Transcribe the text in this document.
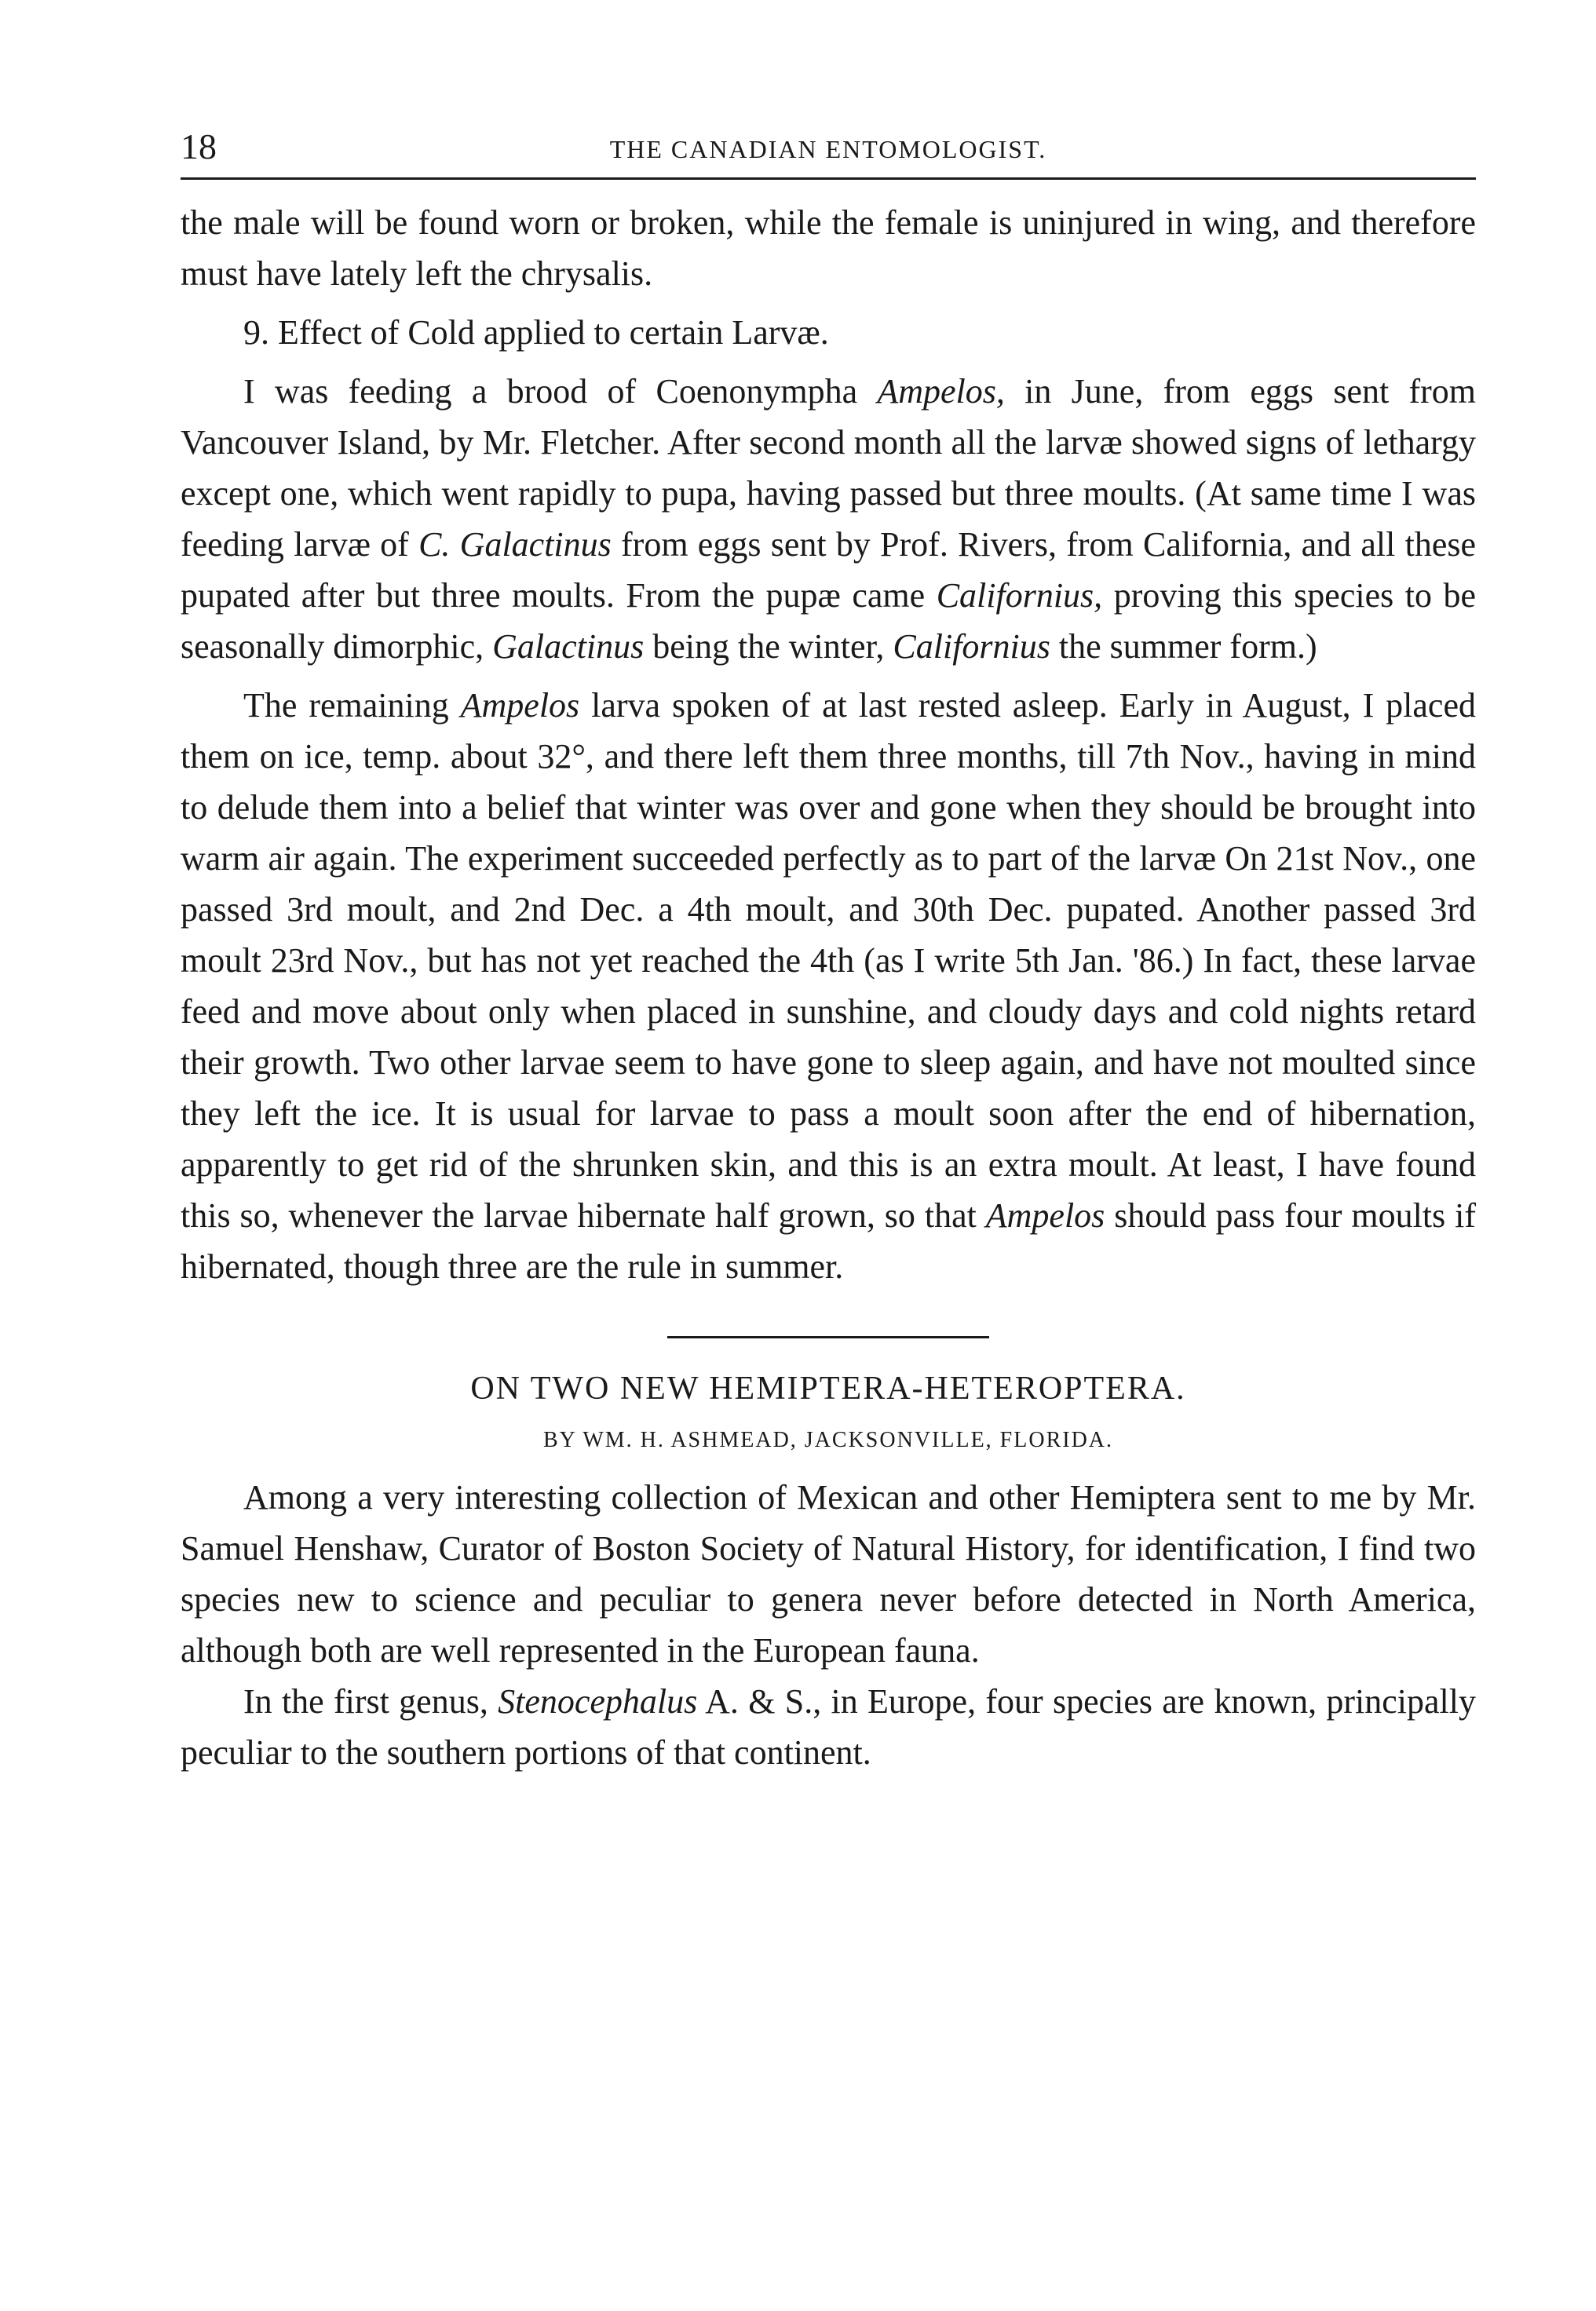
18	THE CANADIAN ENTOMOLOGIST.

the male will be found worn or broken, while the female is uninjured in wing, and therefore must have lately left the chrysalis.

9. Effect of Cold applied to certain Larvæ.

I was feeding a brood of Coenonympha Ampelos, in June, from eggs sent from Vancouver Island, by Mr. Fletcher. After second month all the larvæ showed signs of lethargy except one, which went rapidly to pupa, having passed but three moults. (At same time I was feeding larvæ of C. Galactinus from eggs sent by Prof. Rivers, from California, and all these pupated after but three moults. From the pupæ came Californius, proving this species to be seasonally dimorphic, Galactinus being the winter, Californius the summer form.)

The remaining Ampelos larva spoken of at last rested asleep. Early in August, I placed them on ice, temp. about 32°, and there left them three months, till 7th Nov., having in mind to delude them into a belief that winter was over and gone when they should be brought into warm air again. The experiment succeeded perfectly as to part of the larvæ On 21st Nov., one passed 3rd moult, and 2nd Dec. a 4th moult, and 30th Dec. pupated. Another passed 3rd moult 23rd Nov., but has not yet reached the 4th (as I write 5th Jan. '86.) In fact, these larvae feed and move about only when placed in sunshine, and cloudy days and cold nights retard their growth. Two other larvae seem to have gone to sleep again, and have not moulted since they left the ice. It is usual for larvae to pass a moult soon after the end of hibernation, apparently to get rid of the shrunken skin, and this is an extra moult. At least, I have found this so, whenever the larvae hibernate half grown, so that Ampelos should pass four moults if hibernated, though three are the rule in summer.

ON TWO NEW HEMIPTERA-HETEROPTERA.
BY WM. H. ASHMEAD, JACKSONVILLE, FLORIDA.

Among a very interesting collection of Mexican and other Hemiptera sent to me by Mr. Samuel Henshaw, Curator of Boston Society of Natural History, for identification, I find two species new to science and peculiar to genera never before detected in North America, although both are well represented in the European fauna.

In the first genus, Stenocephalus A. & S., in Europe, four species are known, principally peculiar to the southern portions of that continent.
